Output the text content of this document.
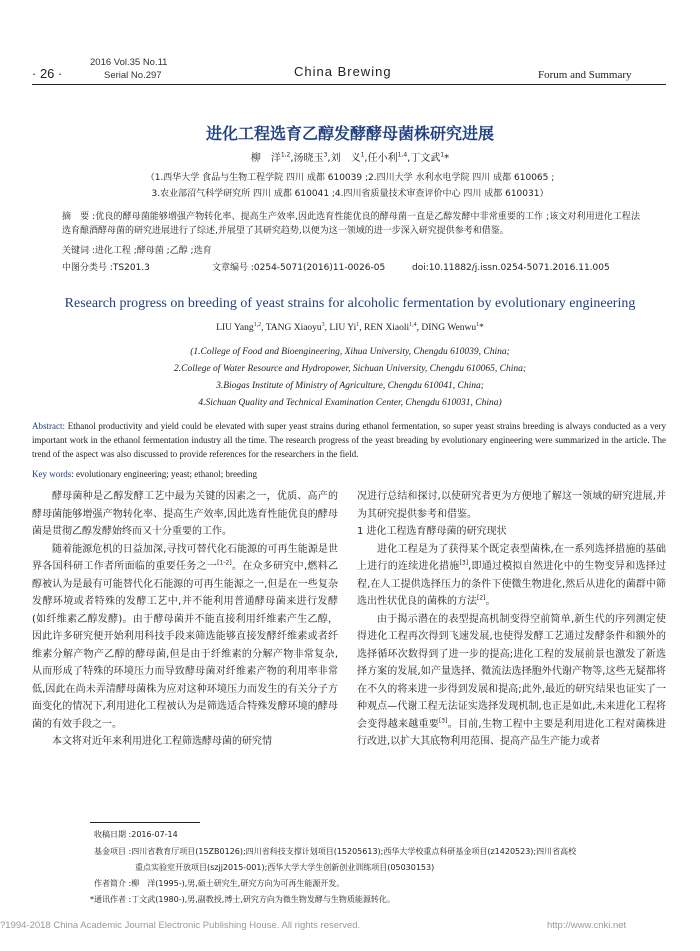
· 26 ·
2016 Vol.35 No.11
Serial No.297	China Brewing	Forum and Summary
进化工程选育乙醇发酵酵母菌株研究进展
柳　洋$^{1,2}$,汤晓玉$^3$,刘　义$^1$,任小利$^{1,4}$,丁文武$^1$*
（1.西华大学 食品与生物工程学院 四川 成都 610039 ;2.四川大学 水利水电学院 四川 成都 610065 ;
3.农业部沼气科学研究所 四川 成都 610041 ;4.四川省质量技术审查评价中心 四川 成都 610031）
摘　要 :优良的酵母菌能够增强产物转化率、提高生产效率,因此选育性能优良的酵母菌一直是乙醇发酵中非常重要的工作 ;该文对利用进化工程法选育酿酒酵母菌的研究进展进行了综述,并展望了其研究趋势,以便为这一领域的进一步深入研究提供参考和借鉴。
关键词 :进化工程 ;酵母菌 ;乙醇 ;选育
中图分类号 :TS201.3	文章编号 :0254-5071(2016)11-0026-05	doi:10.11882/j.issn.0254-5071.2016.11.005
Research progress on breeding of yeast strains for alcoholic fermentation by evolutionary engineering
LIU Yang$^{1,2}$, TANG Xiaoyu$^3$, LIU Yi$^1$, REN Xiaoli$^{1,4}$, DING Wenwu$^1$*
(1.College of Food and Bioengineering, Xihua University, Chengdu 610039, China;
2.College of Water Resource and Hydropower, Sichuan University, Chengdu 610065, China;
3.Biogas Institute of Ministry of Agriculture, Chengdu 610041, China;
4.Sichuan Quality and Technical Examination Center, Chengdu 610031, China)
Abstract: Ethanol productivity and yield could be elevated with super yeast strains during ethanol fermentation, so super yeast strains breeding is always conducted as a very important work in the ethanol fermentation industry all the time. The research progress of the yeast breading by evolutionary engineering were summarized in the article. The trend of the aspect was also discussed to provide references for the researchers in the field.
Key words: evolutionary engineering; yeast; ethanol; breeding

酵母菌种是乙醇发酵工艺中最为关键的因素之一，优质、高产的酵母菌能够增强产物转化率、提高生产效率,因此选育性能优良的酵母菌是贯彻乙醇发酵始终而又十分重要的工作。

随着能源危机的日益加深,寻找可替代化石能源的可再生能源是世界各国科研工作者所面临的重要任务之一[1-2]。在众多研究中,燃料乙醇被认为是最有可能替代化石能源的可再生能源之一,但是在一些复杂发酵环境或者特殊的发酵工艺中,并不能利用普通酵母菌来进行发酵(如纤维素乙醇发酵)。由于酵母菌并不能直接利用纤维素产生乙醇，因此许多研究便开始利用科技手段来筛选能够直接发酵纤维素或者纤维素分解产物产乙醇的酵母菌,但是由于纤维素的分解产物非常复杂,从而形成了特殊的环境压力而导致酵母菌对纤维素产物的利用率非常低,因此在尚未弄清酵母菌株为应对这种环境压力而发生的有关分子方面变化的情况下,利用进化工程被认为是筛选适合特殊发酵环境的酵母菌的有效手段之一。

本文将对近年来利用进化工程筛选酵母菌的研究情

况进行总结和探讨,以使研究者更为方便地了解这一领域的研究进展,并为其研究提供参考和借鉴。

1 进化工程选育酵母菌的研究现状

进化工程是为了获得某个既定表型菌株,在一系列选择措施的基础上进行的连续进化措施[3],即通过模拟自然进化中的生物变异和选择过程,在人工提供选择压力的条件下使微生物进化,然后从进化的菌群中筛选出性状优良的菌株的方法[2]。

由于揭示潜在的表型提高机制变得空前简单,新生代的序列测定使得进化工程再次得到飞速发展,也使得发酵工艺通过发酵条件和额外的选择循环次数得到了进一步的提高;进化工程的发展前景也激发了新选择方案的发展,如产量选择、微流法选择胞外代谢产物等,这些无疑都将在不久的将来进一步得到发展和提高;此外,最近的研究结果也证实了一种观点—代谢工程无法证实选择发现机制,也正是如此,未来进化工程将会变得越来越重要[3]。目前,生物工程中主要是利用进化工程对菌株进行改进,以扩大其底物利用范围、提高产品生产能力或者

收稿日期 :2016-07-14
基金项目 :四川省教育厅项目(15ZB0126);四川省科技支撑计划项目(15205613);西华大学校重点科研基金项目(z1420523);四川省高校
重点实验室开放项目(szjj2015-001);西华大学大学生创新创业训练项目(05030153)
作者简介 :柳　洋(1995-),男,硕士研究生,研究方向为可再生能源开发。
*通讯作者 :丁文武(1980-),男,副教授,博士,研究方向为微生物发酵与生物质能源转化。
?1994-2018 China Academic Journal Electronic Publishing House. All rights reserved.	http://www.cnki.net
